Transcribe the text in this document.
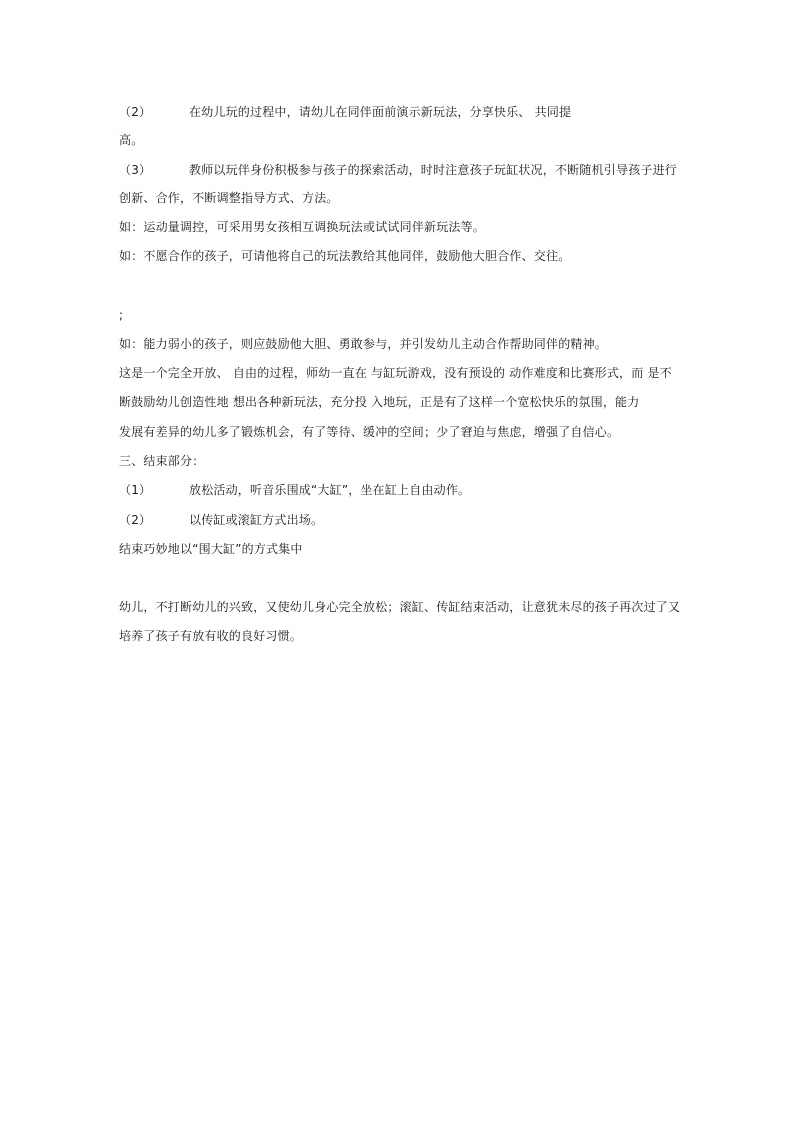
（2）	在幼儿玩的过程中，请幼儿在同伴面前演示新玩法，分享快乐、 共同提
高。
（3）	教师以玩伴身份积极参与孩子的探索活动，时时注意孩子玩缸状况，不断随机引导孩子进行
创新、合作，不断调整指导方式、方法。
如：运动量调控，可采用男女孩相互调换玩法或试试同伴新玩法等。
如：不愿合作的孩子，可请他将自己的玩法教给其他同伴，鼓励他大胆合作、交往。
;
如：能力弱小的孩子，则应鼓励他大胆、勇敢参与，并引发幼儿主动合作帮助同伴的精神。
这是一个完全开放、 自由的过程，师幼一直在 与缸玩游戏，没有预设的 动作难度和比赛形式，而 是不
断鼓励幼儿创造性地 想出各种新玩法，充分投 入地玩，正是有了这样一个宽松快乐的氛围，能力
发展有差异的幼儿多了锻炼机会，有了等待、缓冲的空间；少了窘迫与焦虑，增强了自信心。
三、结束部分：
（1）	放松活动，听音乐围成“大缸”，坐在缸上自由动作。
（2）	以传缸或滚缸方式出场。
结束巧妙地以“围大缸”的方式集中
幼儿，不打断幼儿的兴致，又使幼儿身心完全放松；滚缸、传缸结束活动，让意犹未尽的孩子再次过了又
培养了孩子有放有收的良好习惯。
